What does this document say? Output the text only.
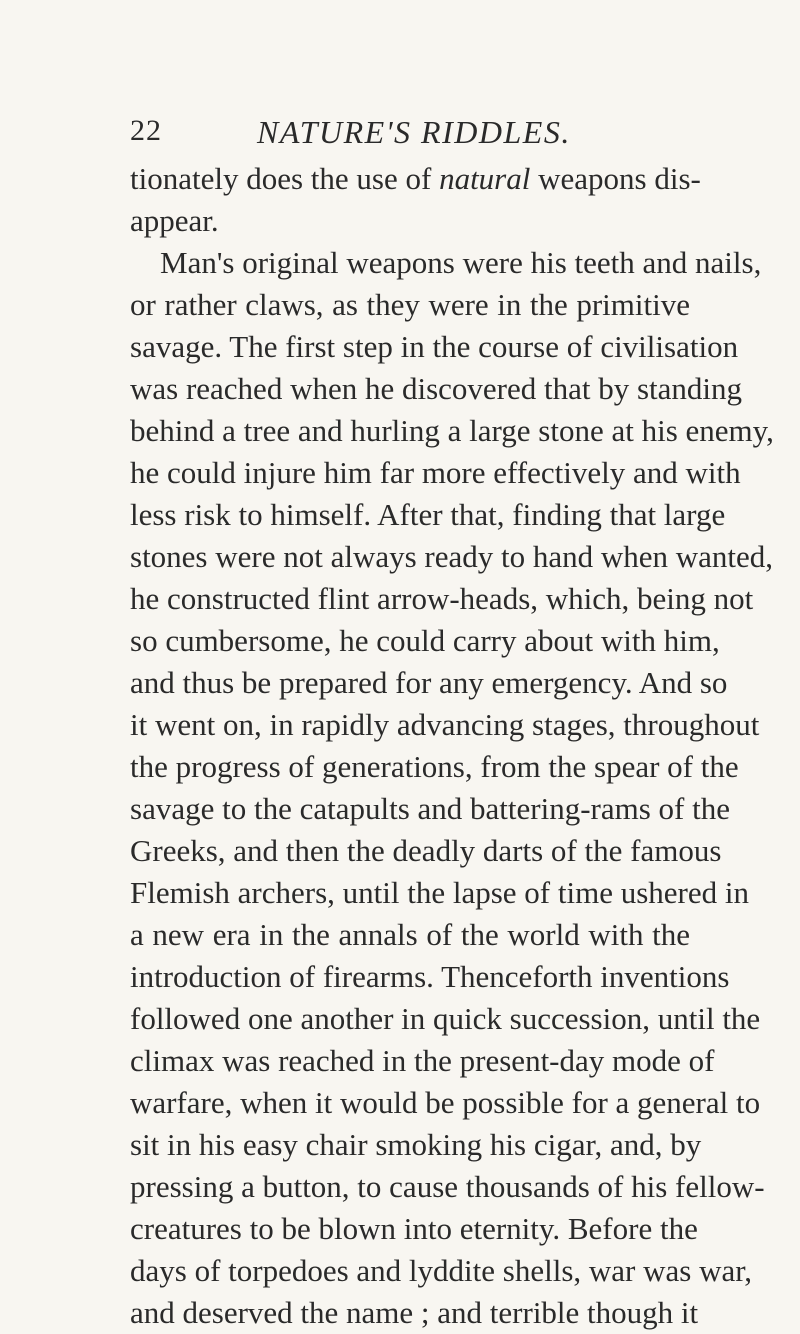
22	NATURE'S RIDDLES.
tionately does the use of natural weapons dis-
appear.
Man's original weapons were his teeth and nails,
or rather claws, as they were in the primitive
savage. The first step in the course of civilisation
was reached when he discovered that by standing
behind a tree and hurling a large stone at his enemy,
he could injure him far more effectively and with
less risk to himself. After that, finding that large
stones were not always ready to hand when wanted,
he constructed flint arrow-heads, which, being not
so cumbersome, he could carry about with him,
and thus be prepared for any emergency. And so
it went on, in rapidly advancing stages, throughout
the progress of generations, from the spear of the
savage to the catapults and battering-rams of the
Greeks, and then the deadly darts of the famous
Flemish archers, until the lapse of time ushered in
a new era in the annals of the world with the
introduction of firearms. Thenceforth inventions
followed one another in quick succession, until the
climax was reached in the present-day mode of
warfare, when it would be possible for a general to
sit in his easy chair smoking his cigar, and, by
pressing a button, to cause thousands of his fellow-
creatures to be blown into eternity. Before the
days of torpedoes and lyddite shells, war was war,
and deserved the name ; and terrible though it
